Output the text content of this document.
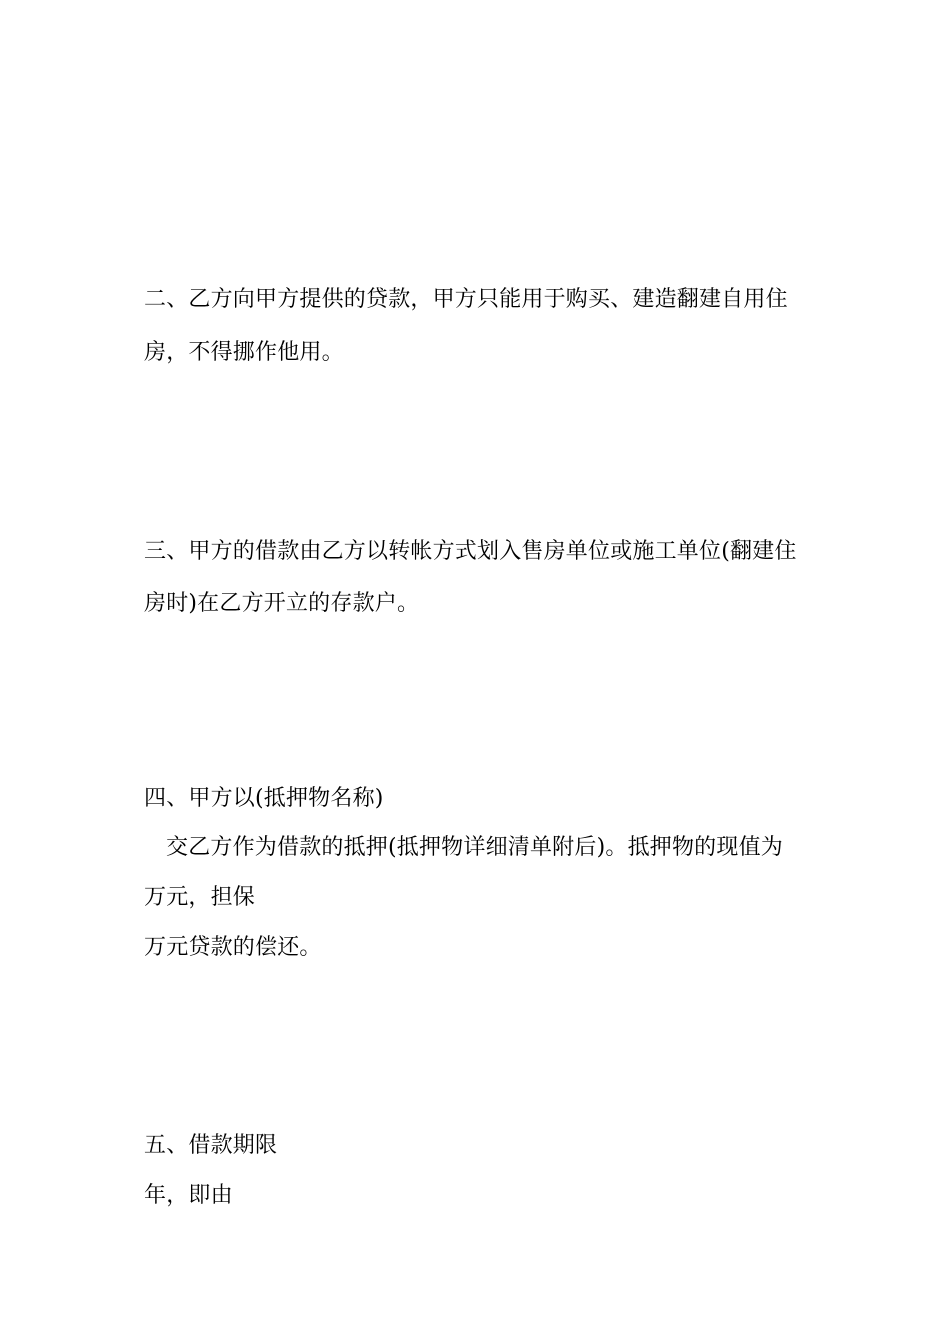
二、乙方向甲方提供的贷款，甲方只能用于购买、建造翻建自用住
房，不得挪作他用。
三、甲方的借款由乙方以转帐方式划入售房单位或施工单位(翻建住
房时)在乙方开立的存款户。
四、甲方以(抵押物名称)
交乙方作为借款的抵押(抵押物详细清单附后)。抵押物的现值为
万元，担保
万元贷款的偿还。
五、借款期限
年，即由
